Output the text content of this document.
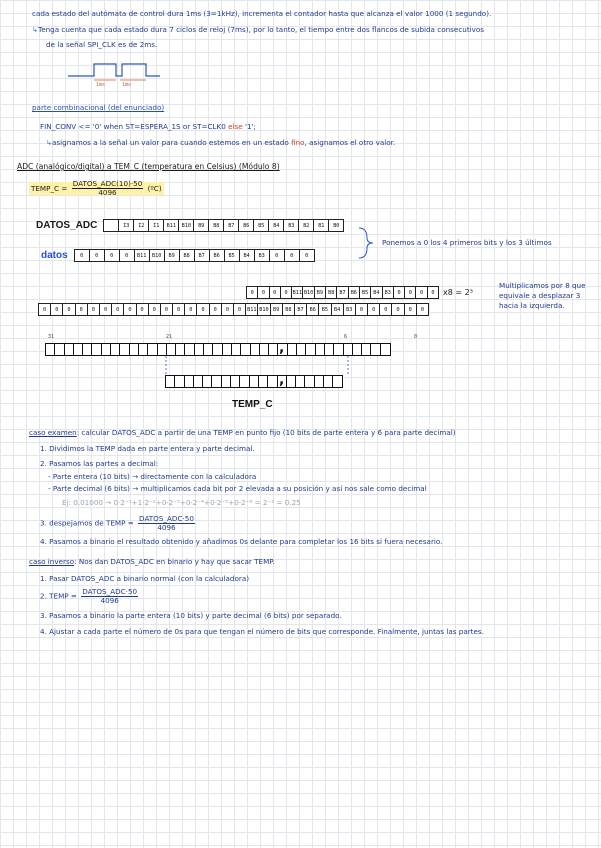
cada estado del autómata de control dura 1ms (3=1kHz), incrementa el contador hasta que alcanza el valor 1000 (1 segundo).
↳Tenga cuenta que cada estado dura 7 ciclos de reloj (7ms), por lo tanto, el tiempo entre dos flancos de subida consecutivos
de la señal SPI_CLK es de 2ms.
1ms	1ms
parte combinacional (del enunciado)
FIN_CONV <= '0' when ST=ESPERA_1S or ST=CLK0 else '1';
↳asignamos a la señal un valor para cuando estemos en un estado fino, asignamos el otro valor.
ADC (analógico/digital) a TEM_C (temperatura en Celsius) (Módulo 8)
TEMP_C = $\frac{\text{DATOS\_ADC(10)·50}}{4096}$ (ºC)
DATOS_ADC	I3	I2	I1	B11	B10	B9	B8	B7	B6	B5	B4	B3	B2	B1	B0
datos	0	0	0	0	B11	B10	B9	B8	B7	B6	B5	B4	B3	0	0	0
Ponemos a 0 los 4 primeros bits y los 3 últimos
0	0	0	0 B11 B10 B9 B8 B7 B6 B5 B4 B3	0	0	0	0	x8 = 2³
0	0	0	0	0	0	0	0	0	0	0	0	0	0	0	0	0	B11 B10 B9	B8	B7	B6	B5	B4	B3	0	0	0	0	0	0
Multiplicamos por 8 que equivale a desplazar 3 hacia la izquierda.
31	21	6	0
,
,
TEMP_C
caso examen: calcular DATOS_ADC a partir de una TEMP en punto fijo (10 bits de parte entera y 6 para parte decimal)
1. Dividimos la TEMP dada en parte entera y parte decimal.
2. Pasamos las partes a decimal:
- Parte entera (10 bits) → directamente con la calculadora
- Parte decimal (6 bits) → multiplicamos cada bit por 2 elevada a su posición y así nos sale como decimal
Ej: 0.01000 → 0·2⁻¹+1·2⁻²+0·2⁻³+0·2⁻⁴+0·2⁻⁵+0·2⁻⁶ = 2⁻² = 0.25
3. despejamos de TEMP = $\frac{\text{DATOS\_ADC·50}}{4096}$
4. Pasamos a binario el resultado obtenido y añadimos 0s delante para completar los 16 bits si fuera necesario.
caso inverso: Nos dan DATOS_ADC en binario y hay que sacar TEMP.
1. Pasar DATOS_ADC a binario normal (con la calculadora)
2. TEMP = $\frac{\text{DATOS\_ADC·50}}{4096}$
3. Pasamos a binario la parte entera (10 bits) y parte decimal (6 bits) por separado.
4. Ajustar a cada parte el número de 0s para que tengan el número de bits que corresponde. Finalmente, juntas las partes.
